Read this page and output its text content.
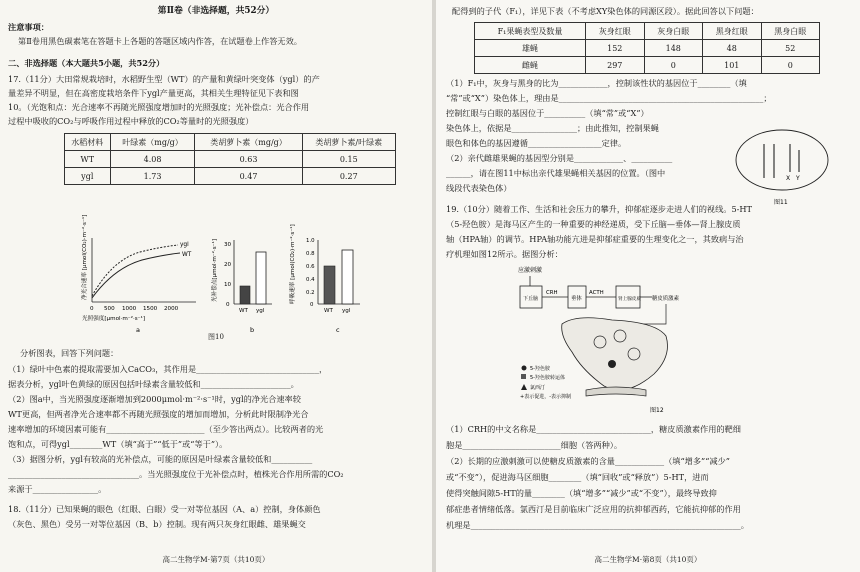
第Ⅱ卷（非选择题，共52分）
注意事项：
第Ⅱ卷用黑色碳素笔在答题卡上各题的答题区域内作答，在试题卷上作答无效。
二、非选择题（本大题共5小题，共52分）
17.（11分）大田常规栽培时，水稻野生型（WT）的产量和黄绿叶突变体（ygl）的产
量差异不明显，但在高密度栽培条件下ygl产量更高，其相关生理特征见下表和图
10。（光饱和点：光合速率不再随光照强度增加时的光照强度；光补偿点：光合作用
过程中吸收的CO₂与呼吸作用过程中释放的CO₂等量时的光照强度）
水稻材料	叶绿素（mg/g）	类胡萝卜素（mg/g）	类胡萝卜素/叶绿素
WT	4.08	0.63	0.15
ygl	1.73	0.47	0.27
净光合速率 [μmol(CO₂)·m⁻²·s⁻¹]	ygl
WT
0 500 1000 1500 2000
光照强度[μmol·m⁻²·s⁻¹]
a
光补偿点[μmol·m⁻²·s⁻¹]
0
10
20
30
WT ygl
b
呼吸速率 [μmol(CO₂)·m⁻²·s⁻¹]
0
0.2
0.4
0.6
0.8
1.0
WT ygl
c
图10
分析图表，回答下列问题：
（1）绿叶中色素的提取需要加入CaCO₃，其作用是______________________________，
据表分析，ygl叶色黄绿的原因包括叶绿素含量较低和______________________。
（2）图a中，当光照强度逐渐增加到2000μmol·m⁻²·s⁻¹时，ygl的净光合速率较
WT更高，但两者净光合速率都不再随光照强度的增加而增加，分析此时限制净光合
速率增加的环境因素可能有________________________（至少答出两点）。比较两者的光
饱和点，可得ygl________WT（填“高于”“低于”或“等于”）。
（3）据图分析，ygl有较高的光补偿点，可能的原因是叶绿素含量较低和__________
________________________________。当光照强度位于光补偿点时，植株光合作用所需的CO₂
来源于________________。
18.（11分）已知果蝇的眼色（红眼、白眼）受一对等位基因（A、a）控制，身体颜色
（灰色、黑色）受另一对等位基因（B、b）控制。现有两只灰身红眼雌、雄果蝇交
高二生物学M·第7页（共10页）
配得到的子代（F₁），详见下表（不考虑XY染色体的同源区段）。据此回答以下问题：
F₁果蝇表型及数量	灰身红眼	灰身白眼	黑身红眼	黑身白眼
雄蝇	152	148	48	52
雌蝇	297	0	101	0
（1）F₁中，灰身与黑身的比为____________，控制该性状的基因位于________（填
“常”或“X”）染色体上，理由是__________________________________________________；
控制红眼与白眼的基因位于__________（填“常”或“X”）
染色体上，依据是________________；由此推知，控制果蝇
眼色和体色的基因遵循__________________定律。
（2）亲代雌雄果蝇的基因型分别是____________、__________
______，请在图11中标出亲代雄果蝇相关基因的位置。（图中
线段代表染色体）
X Y
图11
19.（10分）随着工作、生活和社会压力的攀升，抑郁症逐步走进人们的视线。5-HT
（5-羟色胺）是海马区产生的一种重要的神经递质，受下丘脑—垂体—肾上腺皮质
轴（HPA轴）的调节。HPA轴功能亢进是抑郁症重要的生理变化之一，其致病与治
疗机理如图12所示。据图分析：
应激刺激
下丘脑
CRH
垂体
ACTH
肾上腺皮质 糖皮质激素
5-羟色胺
5-羟色胺转运体
氯西汀
+表示促进，-表示抑制
图12
（1）CRH的中文名称是____________________________，糖皮质激素作用的靶细
胞是________________________细胞（答两种）。
（2）长期的应激刺激可以使糖皮质激素的含量____________（填“增多”“减少”
或“不变”），促进海马区细胞________（填“回收”或“释放”）5-HT，进而
使得突触间隙5-HT的量________（填“增多”“减少”或“不变”），最终导致抑
郁症患者情绪低落。氯西汀是目前临床广泛应用的抗抑郁西药，它能抗抑郁的作用
机理是__________________________________________________________________。
高二生物学M·第8页（共10页）
